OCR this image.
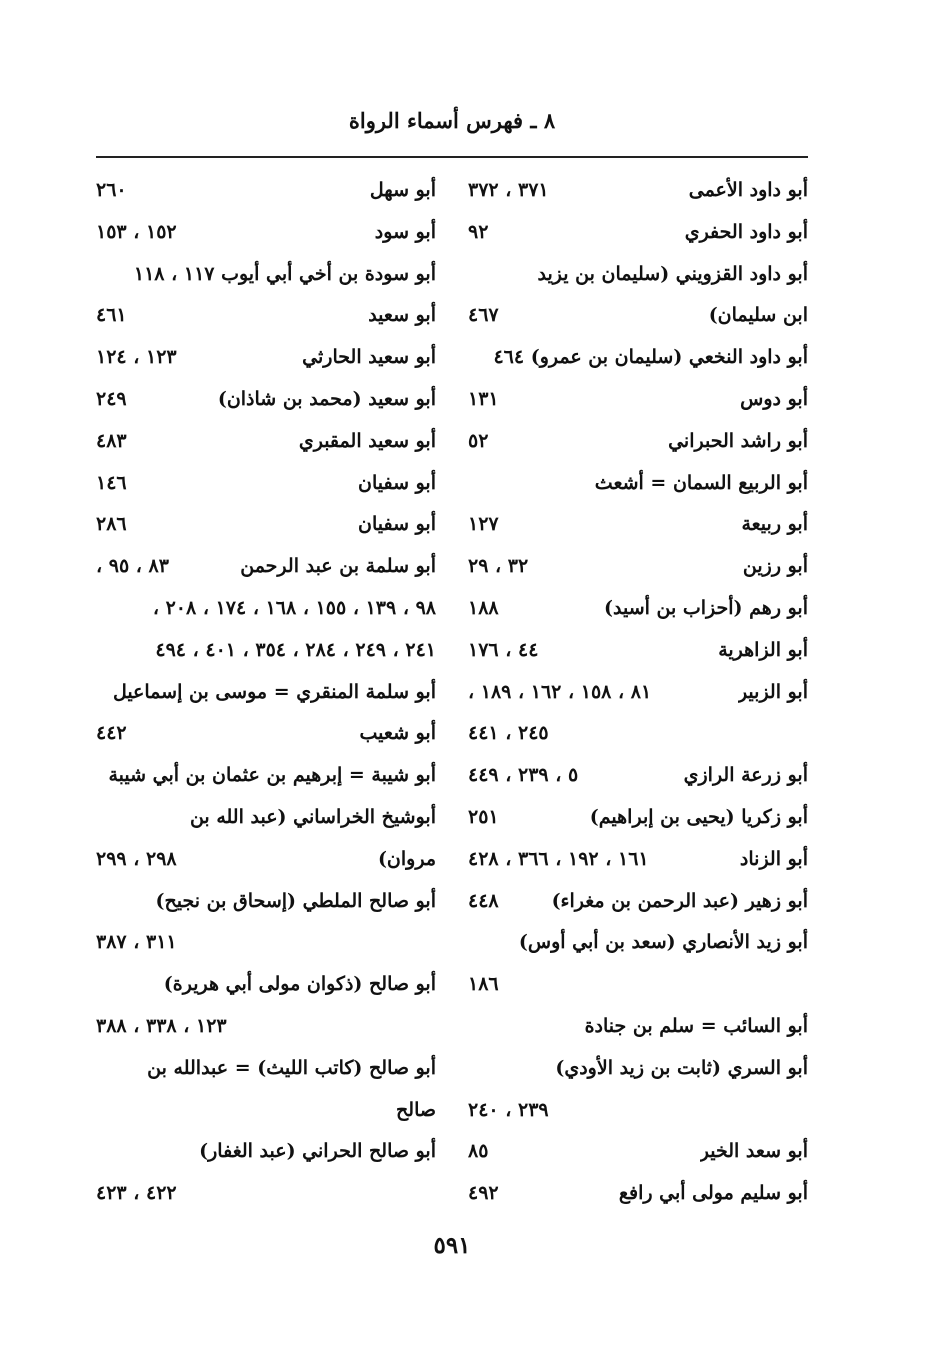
٨ ـ فهرس أسماء الرواة
أبو داود الأعمى
٣٧١ ، ٣٧٢
أبو داود الحفري
٩٢
أبو داود القزويني (سليمان بن يزيد
ابن سليمان)
٤٦٧
أبو داود النخعي (سليمان بن عمرو) ٤٦٤
أبو دوس
١٣١
أبو راشد الحبراني
٥٢
أبو الربيع السمان = أشعث
أبو ربيعة
١٢٧
أبو رزين
٣٢ ، ٢٩
أبو رهم (أحزاب بن أسيد)
١٨٨
أبو الزاهرية
٤٤ ، ١٧٦
أبو الزبير
٨١ ، ١٥٨ ، ١٦٢ ، ١٨٩ ،
٢٤٥ ، ٤٤١
أبو زرعة الرازي
٥ ، ٢٣٩ ، ٤٤٩
أبو زكريا (يحيى بن إبراهيم)
٢٥١
أبو الزناد
١٦١ ، ١٩٢ ، ٣٦٦ ، ٤٢٨
أبو زهير (عبد الرحمن بن مغراء)
٤٤٨
أبو زيد الأنصاري (سعد بن أبي أوس)
١٨٦
أبو السائب = سلم بن جنادة
أبو السري (ثابت بن زيد الأودي)
٢٣٩ ، ٢٤٠
أبو سعد الخير
٨٥
أبو سليم مولى أبي رافع
٤٩٢
أبو سهل
٢٦٠
أبو سود
١٥٢ ، ١٥٣
أبو سودة بن أخي أبي أيوب ١١٧ ، ١١٨
أبو سعيد
٤٦١
أبو سعيد الحارثي
١٢٣ ، ١٢٤
أبو سعيد (محمد بن شاذان)
٢٤٩
أبو سعيد المقبري
٤٨٣
أبو سفيان
١٤٦
أبو سفيان
٢٨٦
أبو سلمة بن عبد الرحمن
٨٣ ، ٩٥ ،
٩٨ ، ١٣٩ ، ١٥٥ ، ١٦٨ ، ١٧٤ ، ٢٠٨ ،
٢٤١ ، ٢٤٩ ، ٢٨٤ ، ٣٥٤ ، ٤٠١ ، ٤٩٤
أبو سلمة المنقري = موسى بن إسماعيل
أبو شعيب
٤٤٢
أبو شيبة = إبرهيم بن عثمان بن أبي شيبة
أبوشيخ الخراساني (عبد الله بن
مروان)
٢٩٨ ، ٢٩٩
أبو صالح الملطي (إسحاق بن نجيح)
٣١١ ، ٣٨٧
أبو صالح (ذكوان مولى أبي هريرة)
١٢٣ ، ٣٣٨ ، ٣٨٨
أبو صالح (كاتب الليث) = عبدالله بن
صالح
أبو صالح الحراني (عبد الغفار)
٤٢٢ ، ٤٢٣
٥٩١
